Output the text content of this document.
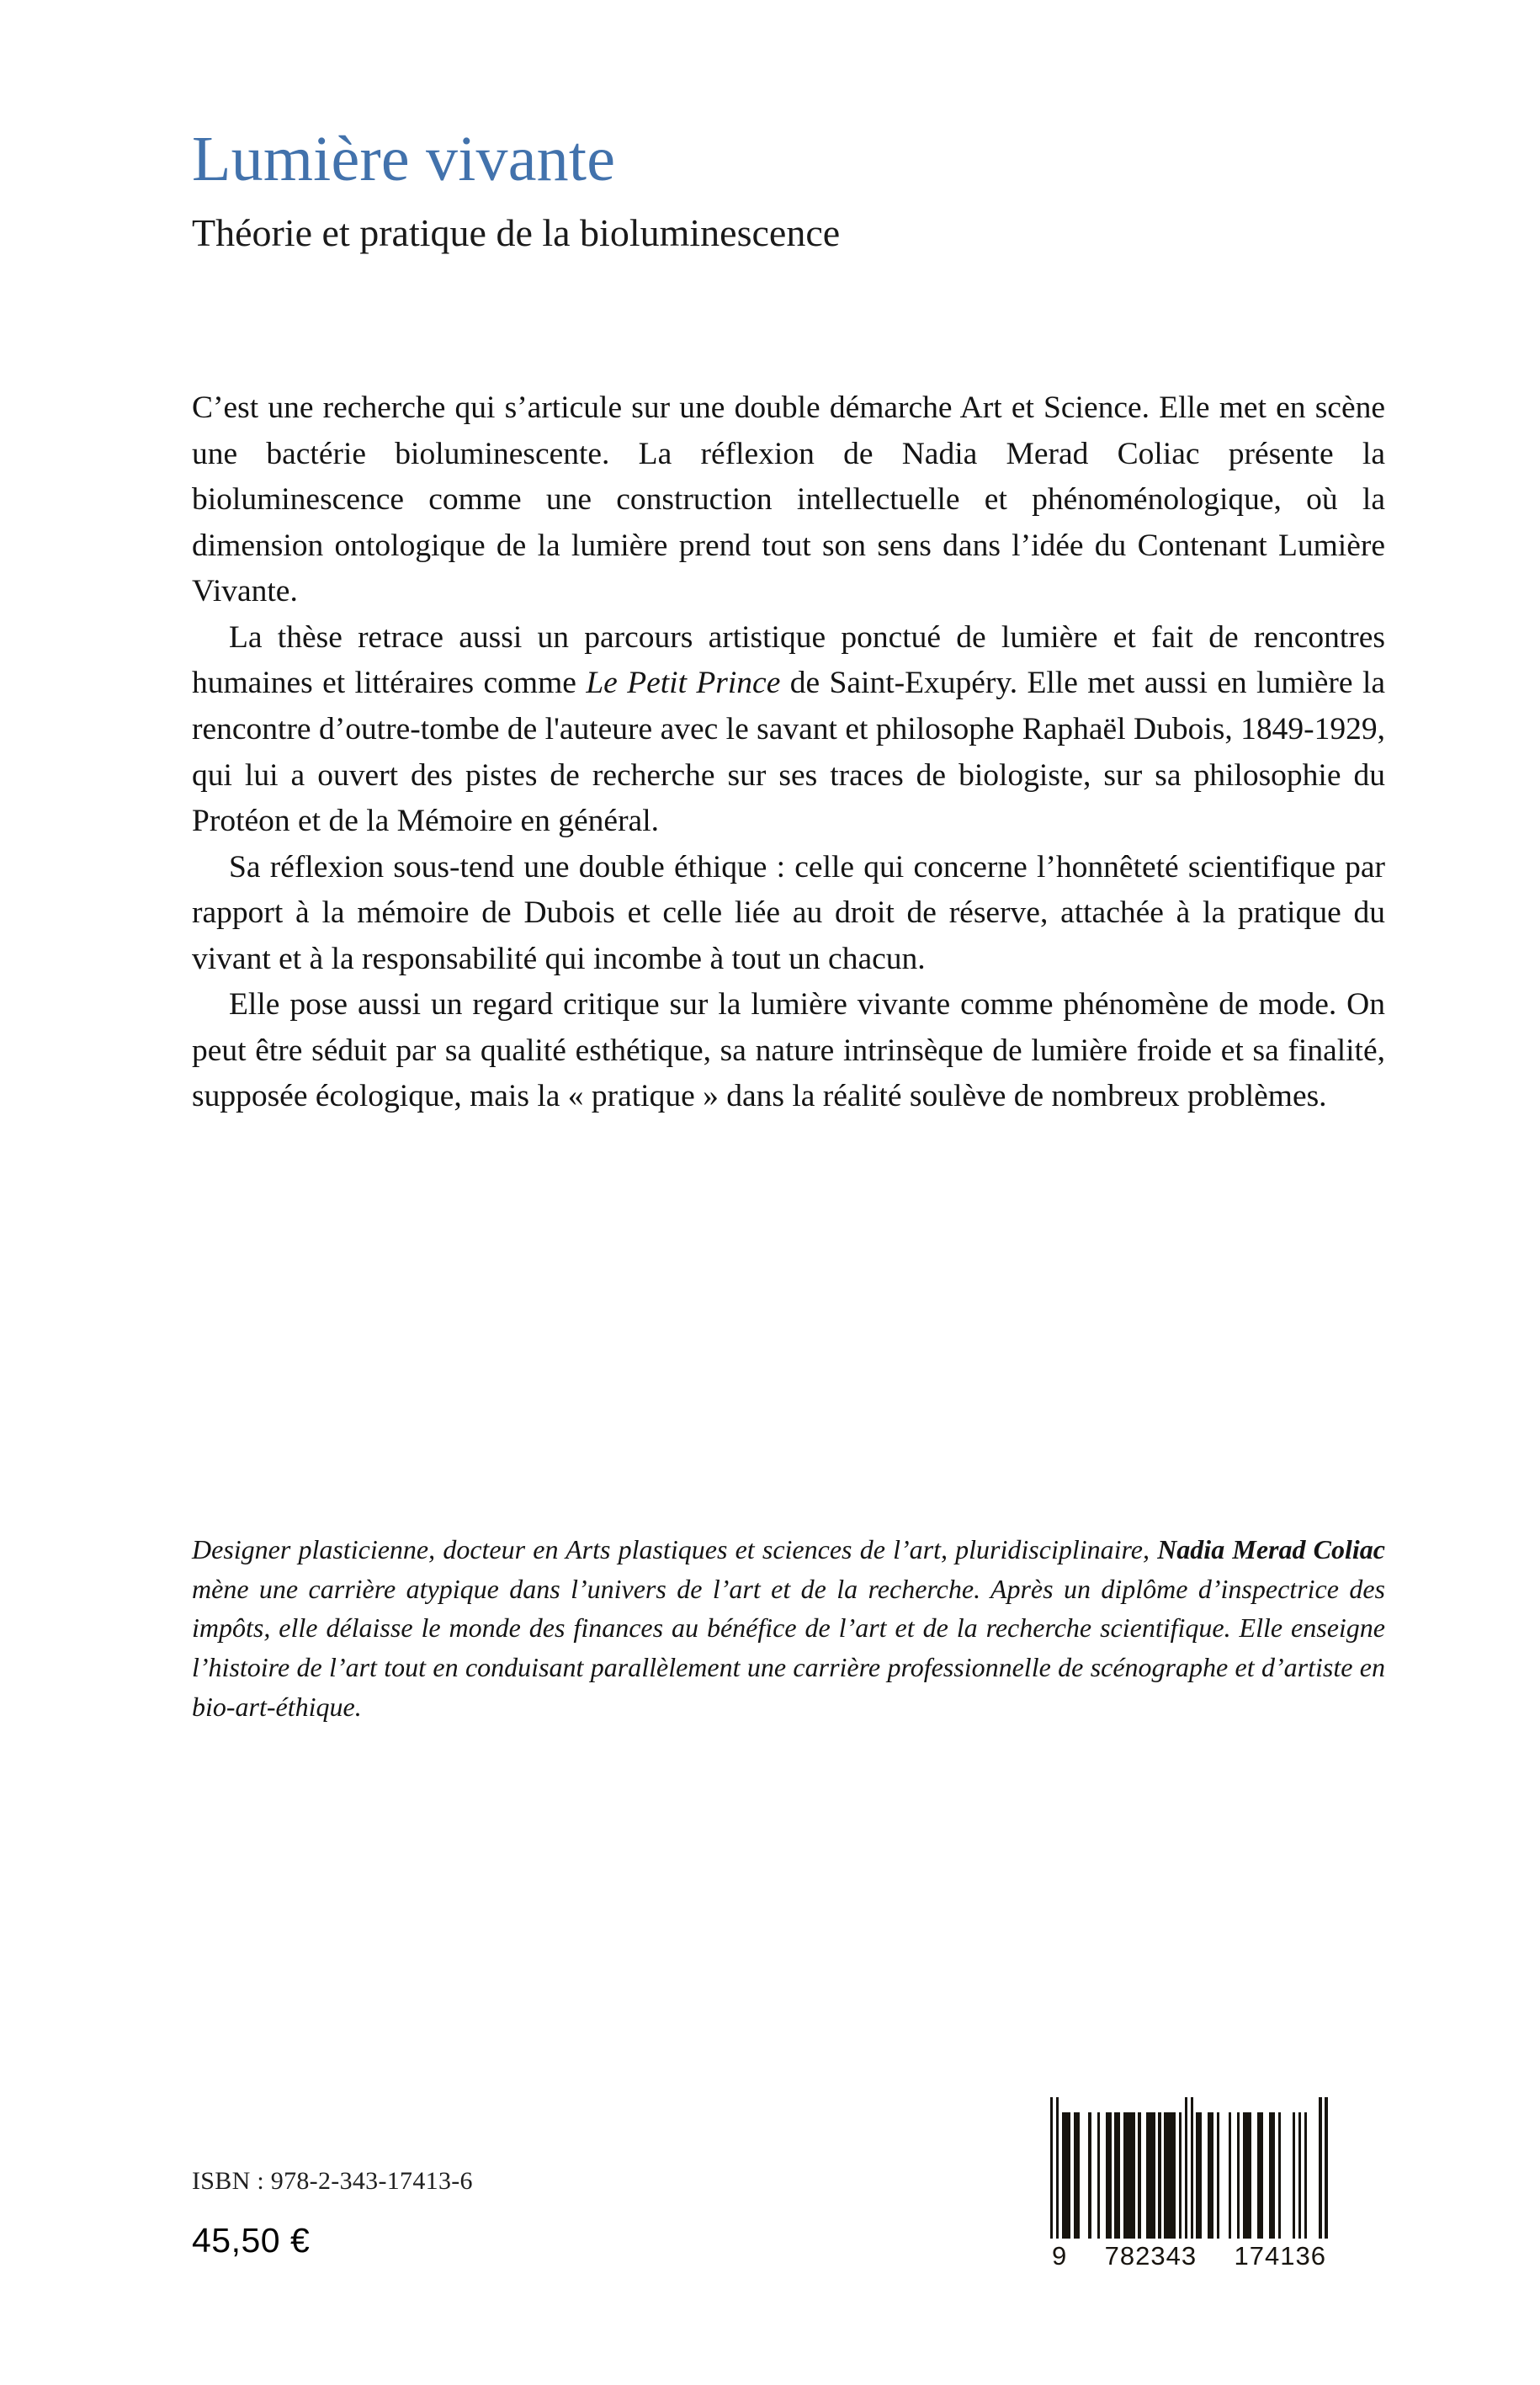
Lumière vivante
Théorie et pratique de la bioluminescence

C’est une recherche qui s’articule sur une double démarche Art et Science. Elle met en scène une bactérie bioluminescente. La réflexion de Nadia Merad Coliac présente la bioluminescence comme une construction intellectuelle et phénoménologique, où la dimension ontologique de la lumière prend tout son sens dans l’idée du Contenant Lumière Vivante.

La thèse retrace aussi un parcours artistique ponctué de lumière et fait de rencontres humaines et littéraires comme Le Petit Prince de Saint-Exupéry. Elle met aussi en lumière la rencontre d’outre-tombe de l'auteure avec le savant et philosophe Raphaël Dubois, 1849-1929, qui lui a ouvert des pistes de recherche sur ses traces de biologiste, sur sa philosophie du Protéon et de la Mémoire en général.

Sa réflexion sous-tend une double éthique : celle qui concerne l’honnêteté scientifique par rapport à la mémoire de Dubois et celle liée au droit de réserve, attachée à la pratique du vivant et à la responsabilité qui incombe à tout un chacun.

Elle pose aussi un regard critique sur la lumière vivante comme phénomène de mode. On peut être séduit par sa qualité esthétique, sa nature intrinsèque de lumière froide et sa finalité, supposée écologique, mais la « pratique » dans la réalité soulève de nombreux problèmes.

Designer plasticienne, docteur en Arts plastiques et sciences de l’art, pluridisciplinaire, Nadia Merad Coliac mène une carrière atypique dans l’univers de l’art et de la recherche. Après un diplôme d’inspectrice des impôts, elle délaisse le monde des finances au bénéfice de l’art et de la recherche scientifique. Elle enseigne l’histoire de l’art tout en conduisant parallèlement une carrière professionnelle de scénographe et d’artiste en bio-art-éthique.

ISBN : 978-2-343-17413-6
45,50 €	9 782343 174136
